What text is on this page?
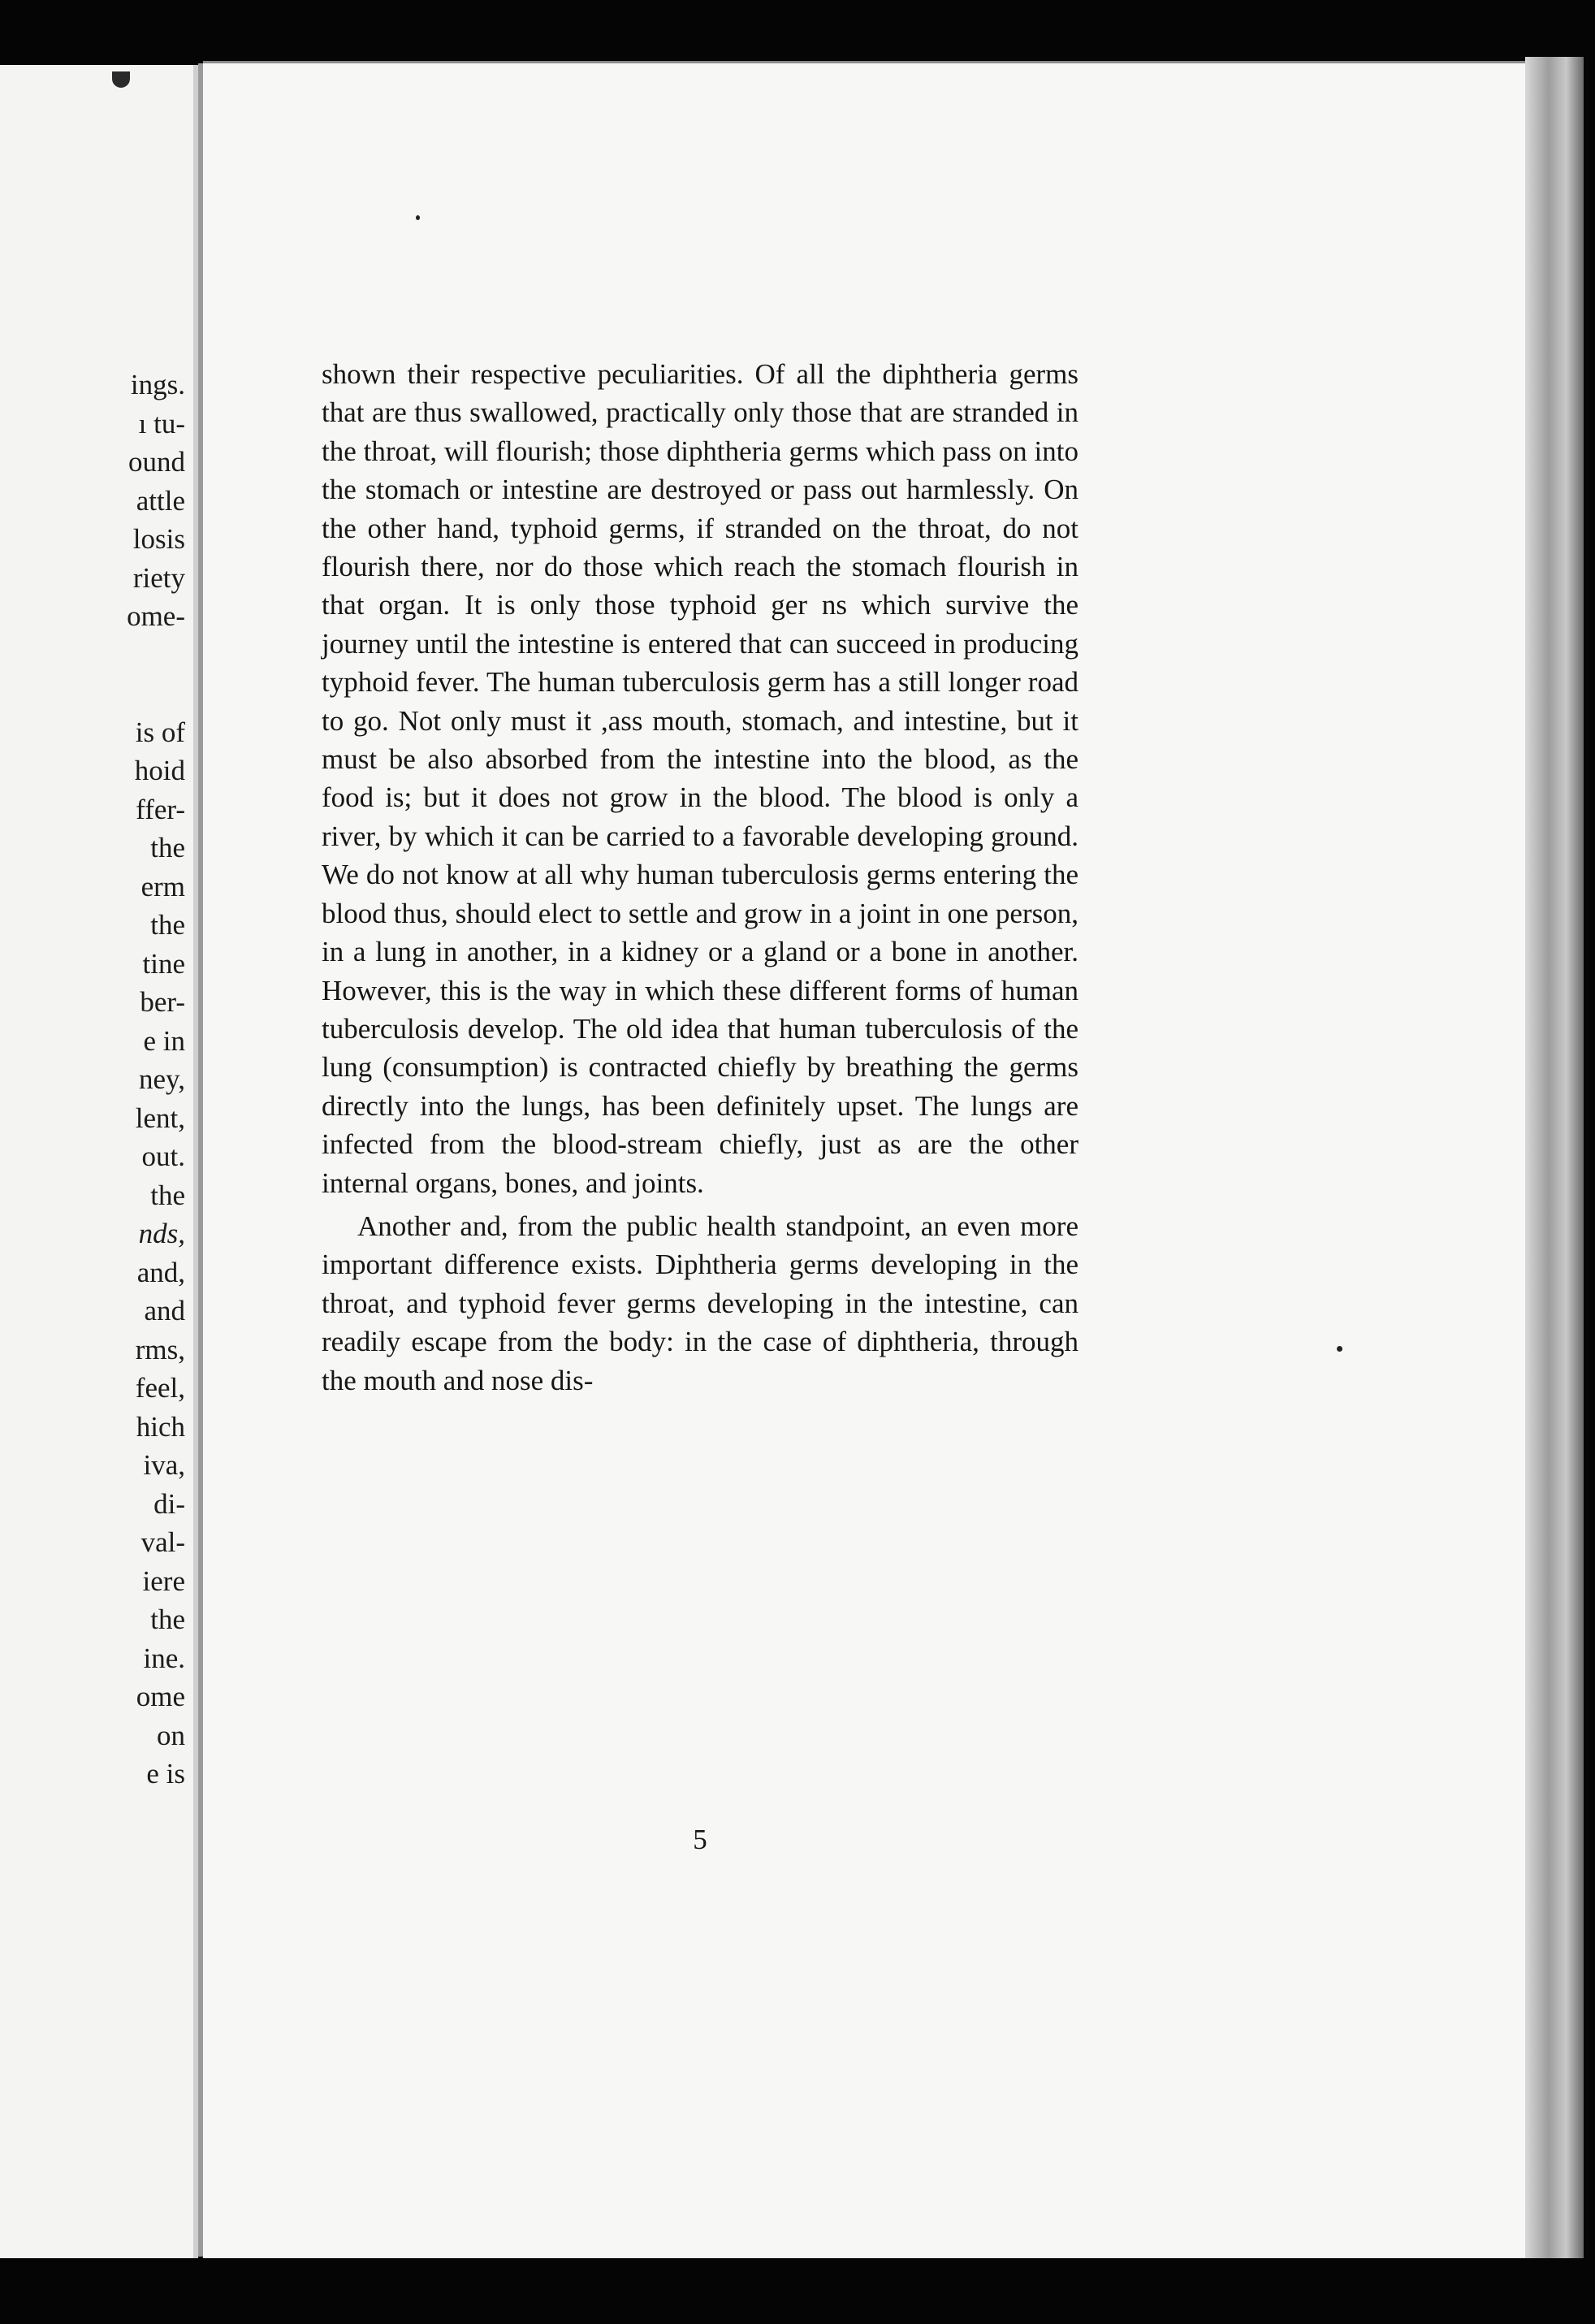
ings.
ı tu-
ound
attle
losis
riety
ome-
is of
hoid
ffer-
the
erm
the
tine
ber-
e in
ney,
lent,
out.
the
nds,
and,
and
rms,
feel,
hich
iva,
di-
val-
iere
the
ine.
ome
on
e is

shown their respective peculiarities. Of all the diphtheria germs that are thus swallowed, practically only those that are stranded in the throat, will flourish; those diphtheria germs which pass on into the stomach or intestine are destroyed or pass out harmlessly. On the other hand, typhoid germs, if stranded on the throat, do not flourish there, nor do those which reach the stomach flourish in that organ. It is only those typhoid ger ns which survive the journey until the intestine is entered that can succeed in producing typhoid fever. The human tuberculosis germ has a still longer road to go. Not only must it ,ass mouth, stomach, and intestine, but it must be also absorbed from the intestine into the blood, as the food is; but it does not grow in the blood. The blood is only a river, by which it can be carried to a favorable developing ground. We do not know at all why human tuberculosis germs entering the blood thus, should elect to settle and grow in a joint in one person, in a lung in another, in a kidney or a gland or a bone in another. However, this is the way in which these different forms of human tuberculosis develop. The old idea that human tuberculosis of the lung (consumption) is contracted chiefly by breathing the germs directly into the lungs, has been definitely upset. The lungs are infected from the blood-stream chiefly, just as are the other internal organs, bones, and joints.

Another and, from the public health standpoint, an even more important difference exists. Diphtheria germs developing in the throat, and typhoid fever germs developing in the intestine, can readily escape from the body: in the case of diphtheria, through the mouth and nose dis-

5
